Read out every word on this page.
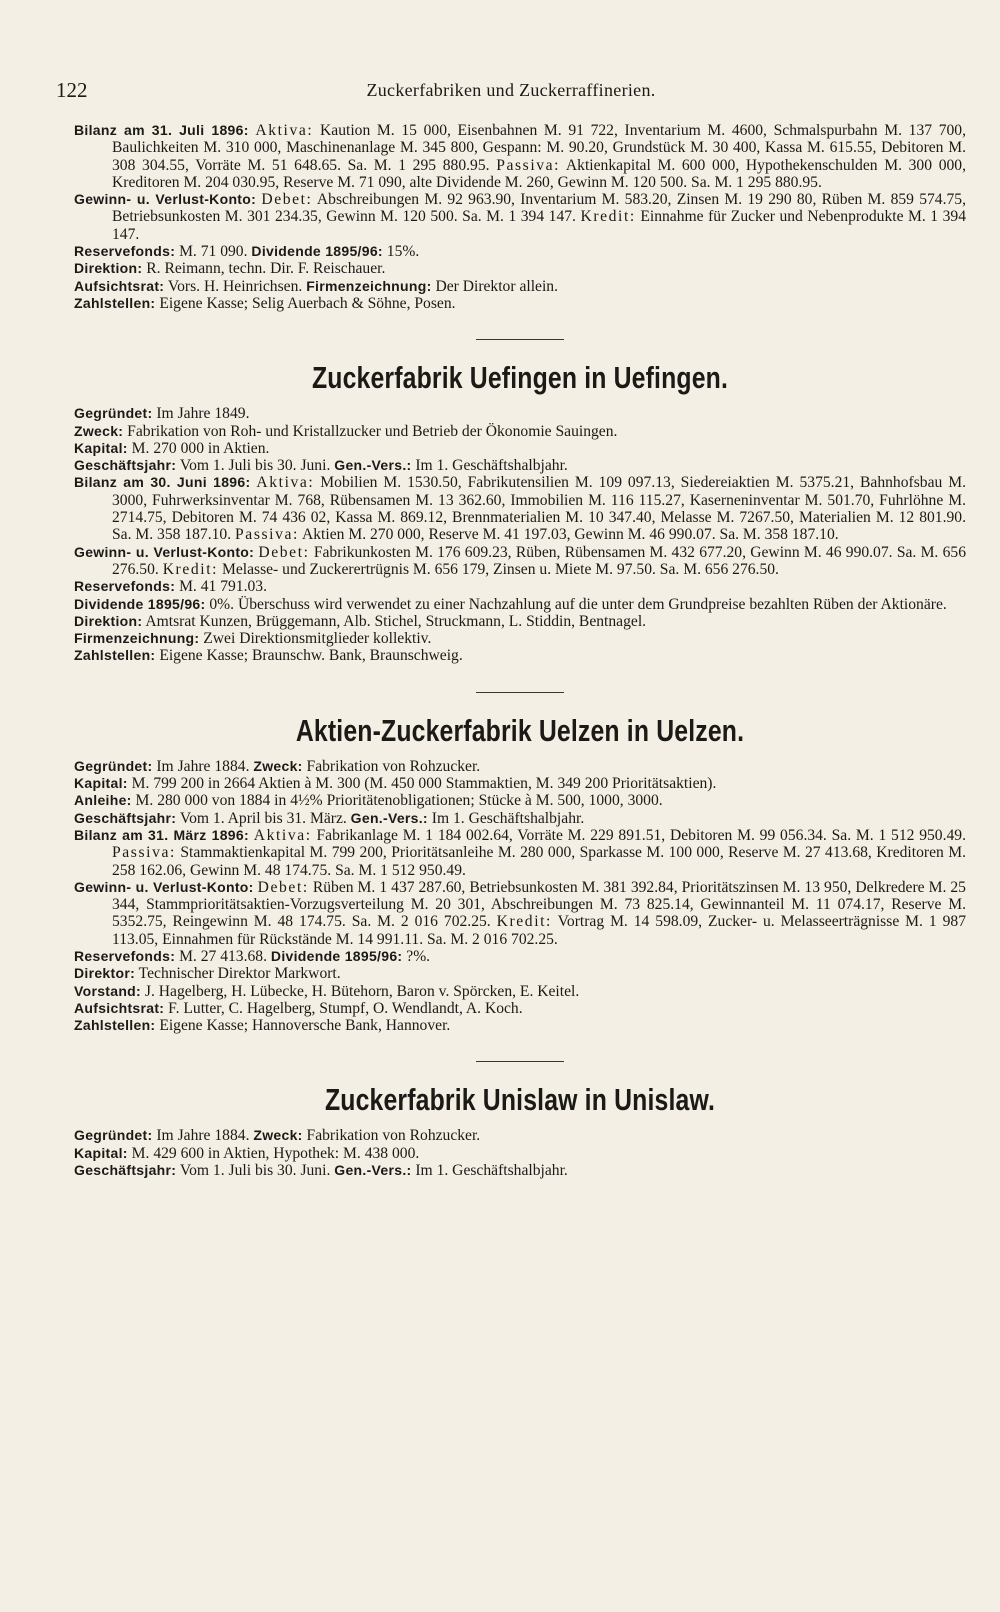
122	Zuckerfabriken und Zuckerraffinerien.

Bilanz am 31. Juli 1896: Aktiva: Kaution M. 15 000, Eisenbahnen M. 91 722, Inventarium M. 4600, Schmalspurbahn M. 137 700, Baulichkeiten M. 310 000, Maschinenanlage M. 345 800, Gespann: M. 90.20, Grundstück M. 30 400, Kassa M. 615.55, Debitoren M. 308 304.55, Vorräte M. 51 648.65. Sa. M. 1 295 880.95. Passiva: Aktienkapital M. 600 000, Hypothekenschulden M. 300 000, Kreditoren M. 204 030.95, Reserve M. 71 090, alte Dividende M. 260, Gewinn M. 120 500. Sa. M. 1 295 880.95.

Gewinn- u. Verlust-Konto: Debet: Abschreibungen M. 92 963.90, Inventarium M. 583.20, Zinsen M. 19 290 80, Rüben M. 859 574.75, Betriebsunkosten M. 301 234.35, Gewinn M. 120 500. Sa. M. 1 394 147. Kredit: Einnahme für Zucker und Nebenprodukte M. 1 394 147.

Reservefonds: M. 71 090. Dividende 1895/96: 15%.

Direktion: R. Reimann, techn. Dir. F. Reischauer.

Aufsichtsrat: Vors. H. Heinrichsen. Firmenzeichnung: Der Direktor allein.

Zahlstellen: Eigene Kasse; Selig Auerbach & Söhne, Posen.

Zuckerfabrik Uefingen in Uefingen.

Gegründet: Im Jahre 1849.

Zweck: Fabrikation von Roh- und Kristallzucker und Betrieb der Ökonomie Sauingen.

Kapital: M. 270 000 in Aktien.

Geschäftsjahr: Vom 1. Juli bis 30. Juni. Gen.-Vers.: Im 1. Geschäftshalbjahr.

Bilanz am 30. Juni 1896: Aktiva: Mobilien M. 1530.50, Fabrikutensilien M. 109 097.13, Siedereiaktien M. 5375.21, Bahnhofsbau M. 3000, Fuhrwerksinventar M. 768, Rübensamen M. 13 362.60, Immobilien M. 116 115.27, Kaserneninventar M. 501.70, Fuhrlöhne M. 2714.75, Debitoren M. 74 436 02, Kassa M. 869.12, Brennmaterialien M. 10 347.40, Melasse M. 7267.50, Materialien M. 12 801.90. Sa. M. 358 187.10. Passiva: Aktien M. 270 000, Reserve M. 41 197.03, Gewinn M. 46 990.07. Sa. M. 358 187.10.

Gewinn- u. Verlust-Konto: Debet: Fabrikunkosten M. 176 609.23, Rüben, Rübensamen M. 432 677.20, Gewinn M. 46 990.07. Sa. M. 656 276.50. Kredit: Melasse- und Zuckerertrügnis M. 656 179, Zinsen u. Miete M. 97.50. Sa. M. 656 276.50.

Reservefonds: M. 41 791.03.

Dividende 1895/96: 0%. Überschuss wird verwendet zu einer Nachzahlung auf die unter dem Grundpreise bezahlten Rüben der Aktionäre.

Direktion: Amtsrat Kunzen, Brüggemann, Alb. Stichel, Struckmann, L. Stiddin, Bentnagel.

Firmenzeichnung: Zwei Direktionsmitglieder kollektiv.

Zahlstellen: Eigene Kasse; Braunschw. Bank, Braunschweig.

Aktien-Zuckerfabrik Uelzen in Uelzen.

Gegründet: Im Jahre 1884. Zweck: Fabrikation von Rohzucker.

Kapital: M. 799 200 in 2664 Aktien à M. 300 (M. 450 000 Stammaktien, M. 349 200 Prioritätsaktien).

Anleihe: M. 280 000 von 1884 in 4½% Prioritätenobligationen; Stücke à M. 500, 1000, 3000.

Geschäftsjahr: Vom 1. April bis 31. März. Gen.-Vers.: Im 1. Geschäftshalbjahr.

Bilanz am 31. März 1896: Aktiva: Fabrikanlage M. 1 184 002.64, Vorräte M. 229 891.51, Debitoren M. 99 056.34. Sa. M. 1 512 950.49. Passiva: Stammaktienkapital M. 799 200, Prioritätsanleihe M. 280 000, Sparkasse M. 100 000, Reserve M. 27 413.68, Kreditoren M. 258 162.06, Gewinn M. 48 174.75. Sa. M. 1 512 950.49.

Gewinn- u. Verlust-Konto: Debet: Rüben M. 1 437 287.60, Betriebsunkosten M. 381 392.84, Prioritätszinsen M. 13 950, Delkredere M. 25 344, Stammprioritätsaktien-Vorzugsverteilung M. 20 301, Abschreibungen M. 73 825.14, Gewinnanteil M. 11 074.17, Reserve M. 5352.75, Reingewinn M. 48 174.75. Sa. M. 2 016 702.25. Kredit: Vortrag M. 14 598.09, Zucker- u. Melasseerträgnisse M. 1 987 113.05, Einnahmen für Rückstände M. 14 991.11. Sa. M. 2 016 702.25.

Reservefonds: M. 27 413.68. Dividende 1895/96: ?%.

Direktor: Technischer Direktor Markwort.

Vorstand: J. Hagelberg, H. Lübecke, H. Bütehorn, Baron v. Spörcken, E. Keitel.

Aufsichtsrat: F. Lutter, C. Hagelberg, Stumpf, O. Wendlandt, A. Koch.

Zahlstellen: Eigene Kasse; Hannoversche Bank, Hannover.

Zuckerfabrik Unislaw in Unislaw.

Gegründet: Im Jahre 1884. Zweck: Fabrikation von Rohzucker.

Kapital: M. 429 600 in Aktien, Hypothek: M. 438 000.

Geschäftsjahr: Vom 1. Juli bis 30. Juni. Gen.-Vers.: Im 1. Geschäftshalbjahr.
